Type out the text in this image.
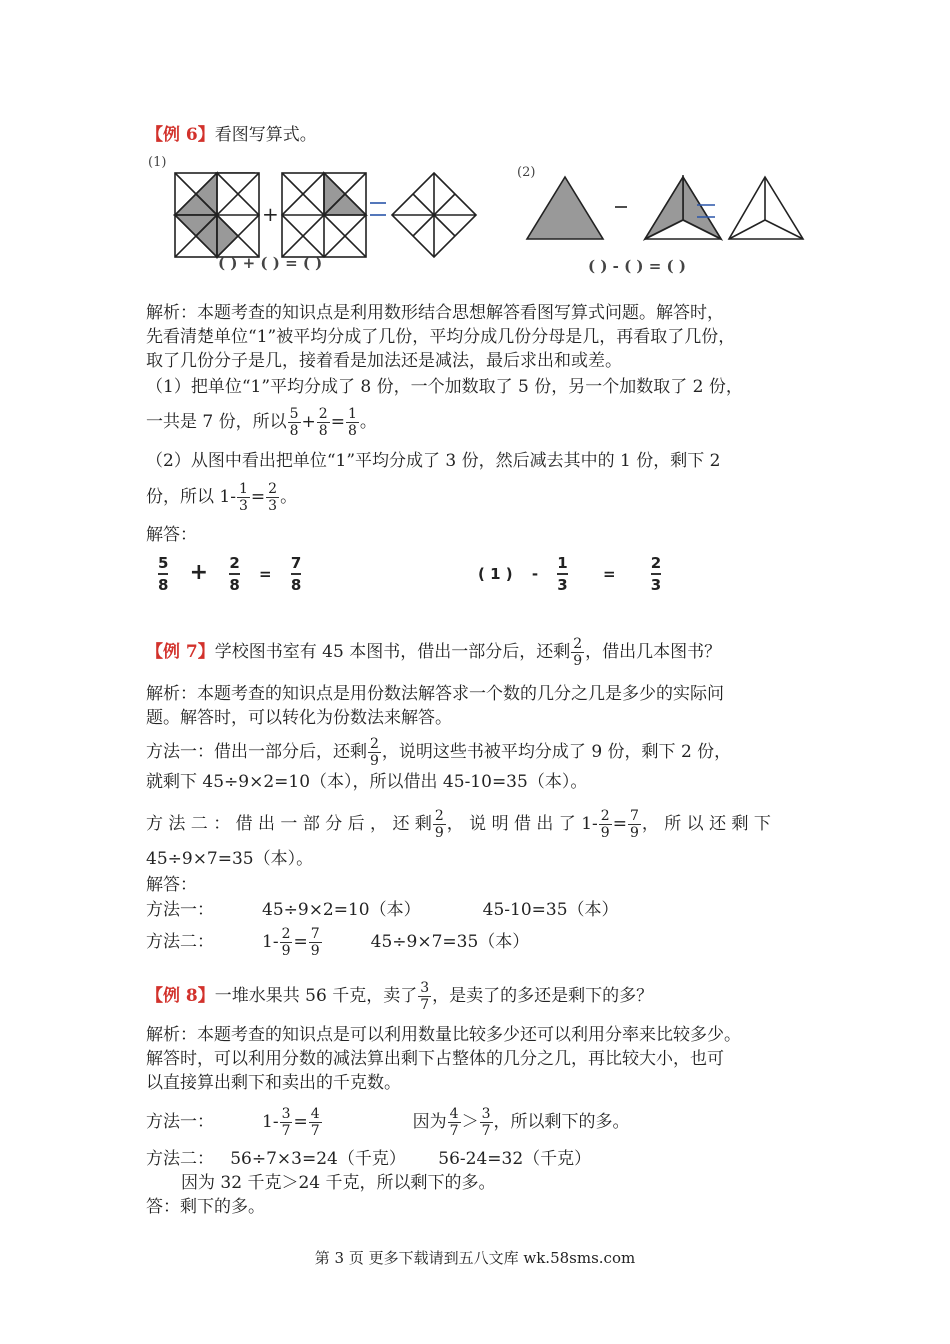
【例 6】看图写算式。
(1)
+
( ) + ( ) = ( )
(2)
( ) - ( ) = ( )
解析：本题考查的知识点是利用数形结合思想解答看图写算式问题。解答时，
先看清楚单位“1”被平均分成了几份，平均分成几份分母是几，再看取了几份，
取了几份分子是几，接着看是加法还是减法，最后求出和或差。
（1）把单位“1”平均分成了 8 份，一个加数取了 5 份，另一个加数取了 2 份，
一共是 7 份，所以 $\frac{5}{8} + \frac{2}{8} = \frac{1}{8}$ 。
（2）从图中看出把单位“1”平均分成了 3 份，然后减去其中的 1 份，剩下 2
份，所以 $1- \frac{1}{3} = \frac{2}{3}$ 。
解答：
$\frac{5}{8} + \frac{2}{8} = \frac{7}{8}$	( 1 ) - $\frac{1}{3} = \frac{2}{3}$
【例 7】学校图书室有 45 本图书，借出一部分后，还剩 $\frac{2}{9}$ ，借出几本图书？
解析：本题考查的知识点是用份数法解答求一个数的几分之几是多少的实际问
题。解答时，可以转化为份数法来解答。
方法一：借出一部分后，还剩 $\frac{2}{9}$ ，说明这些书被平均分成了 9 份，剩下 2 份，
就剩下 45÷9×2=10（本），所以借出 45-10=35（本）。
方 法 二 ： 借 出 一 部 分 后 ， 还 剩 $\frac{2}{9}$ ， 说 明 借 出 了 $1- \frac{2}{9} = \frac{7}{9}$ ， 所 以 还 剩 下
45÷9×7=35（本）。
解答：
方法一：	45÷9×2=10（本）	45-10=35（本）
方法二：	$1- \frac{2}{9} = \frac{7}{9}$	45÷9×7=35（本）
【例 8】一堆水果共 56 千克，卖了 $\frac{3}{7}$ ，是卖了的多还是剩下的多？
解析：本题考查的知识点是可以利用数量比较多少还可以利用分率来比较多少。
解答时，可以利用分数的减法算出剩下占整体的几分之几，再比较大小，也可
以直接算出剩下和卖出的千克数。
方法一：	$1- \frac{3}{7} = \frac{4}{7}$	因为 $\frac{4}{7} > \frac{3}{7}$ ，所以剩下的多。
方法二： 56÷7×3=24（千克） 56-24=32（千克）
因为 32 千克＞24 千克，所以剩下的多。
答：剩下的多。
第 3 页 更多下载请到五八文库 wk.58sms.com
